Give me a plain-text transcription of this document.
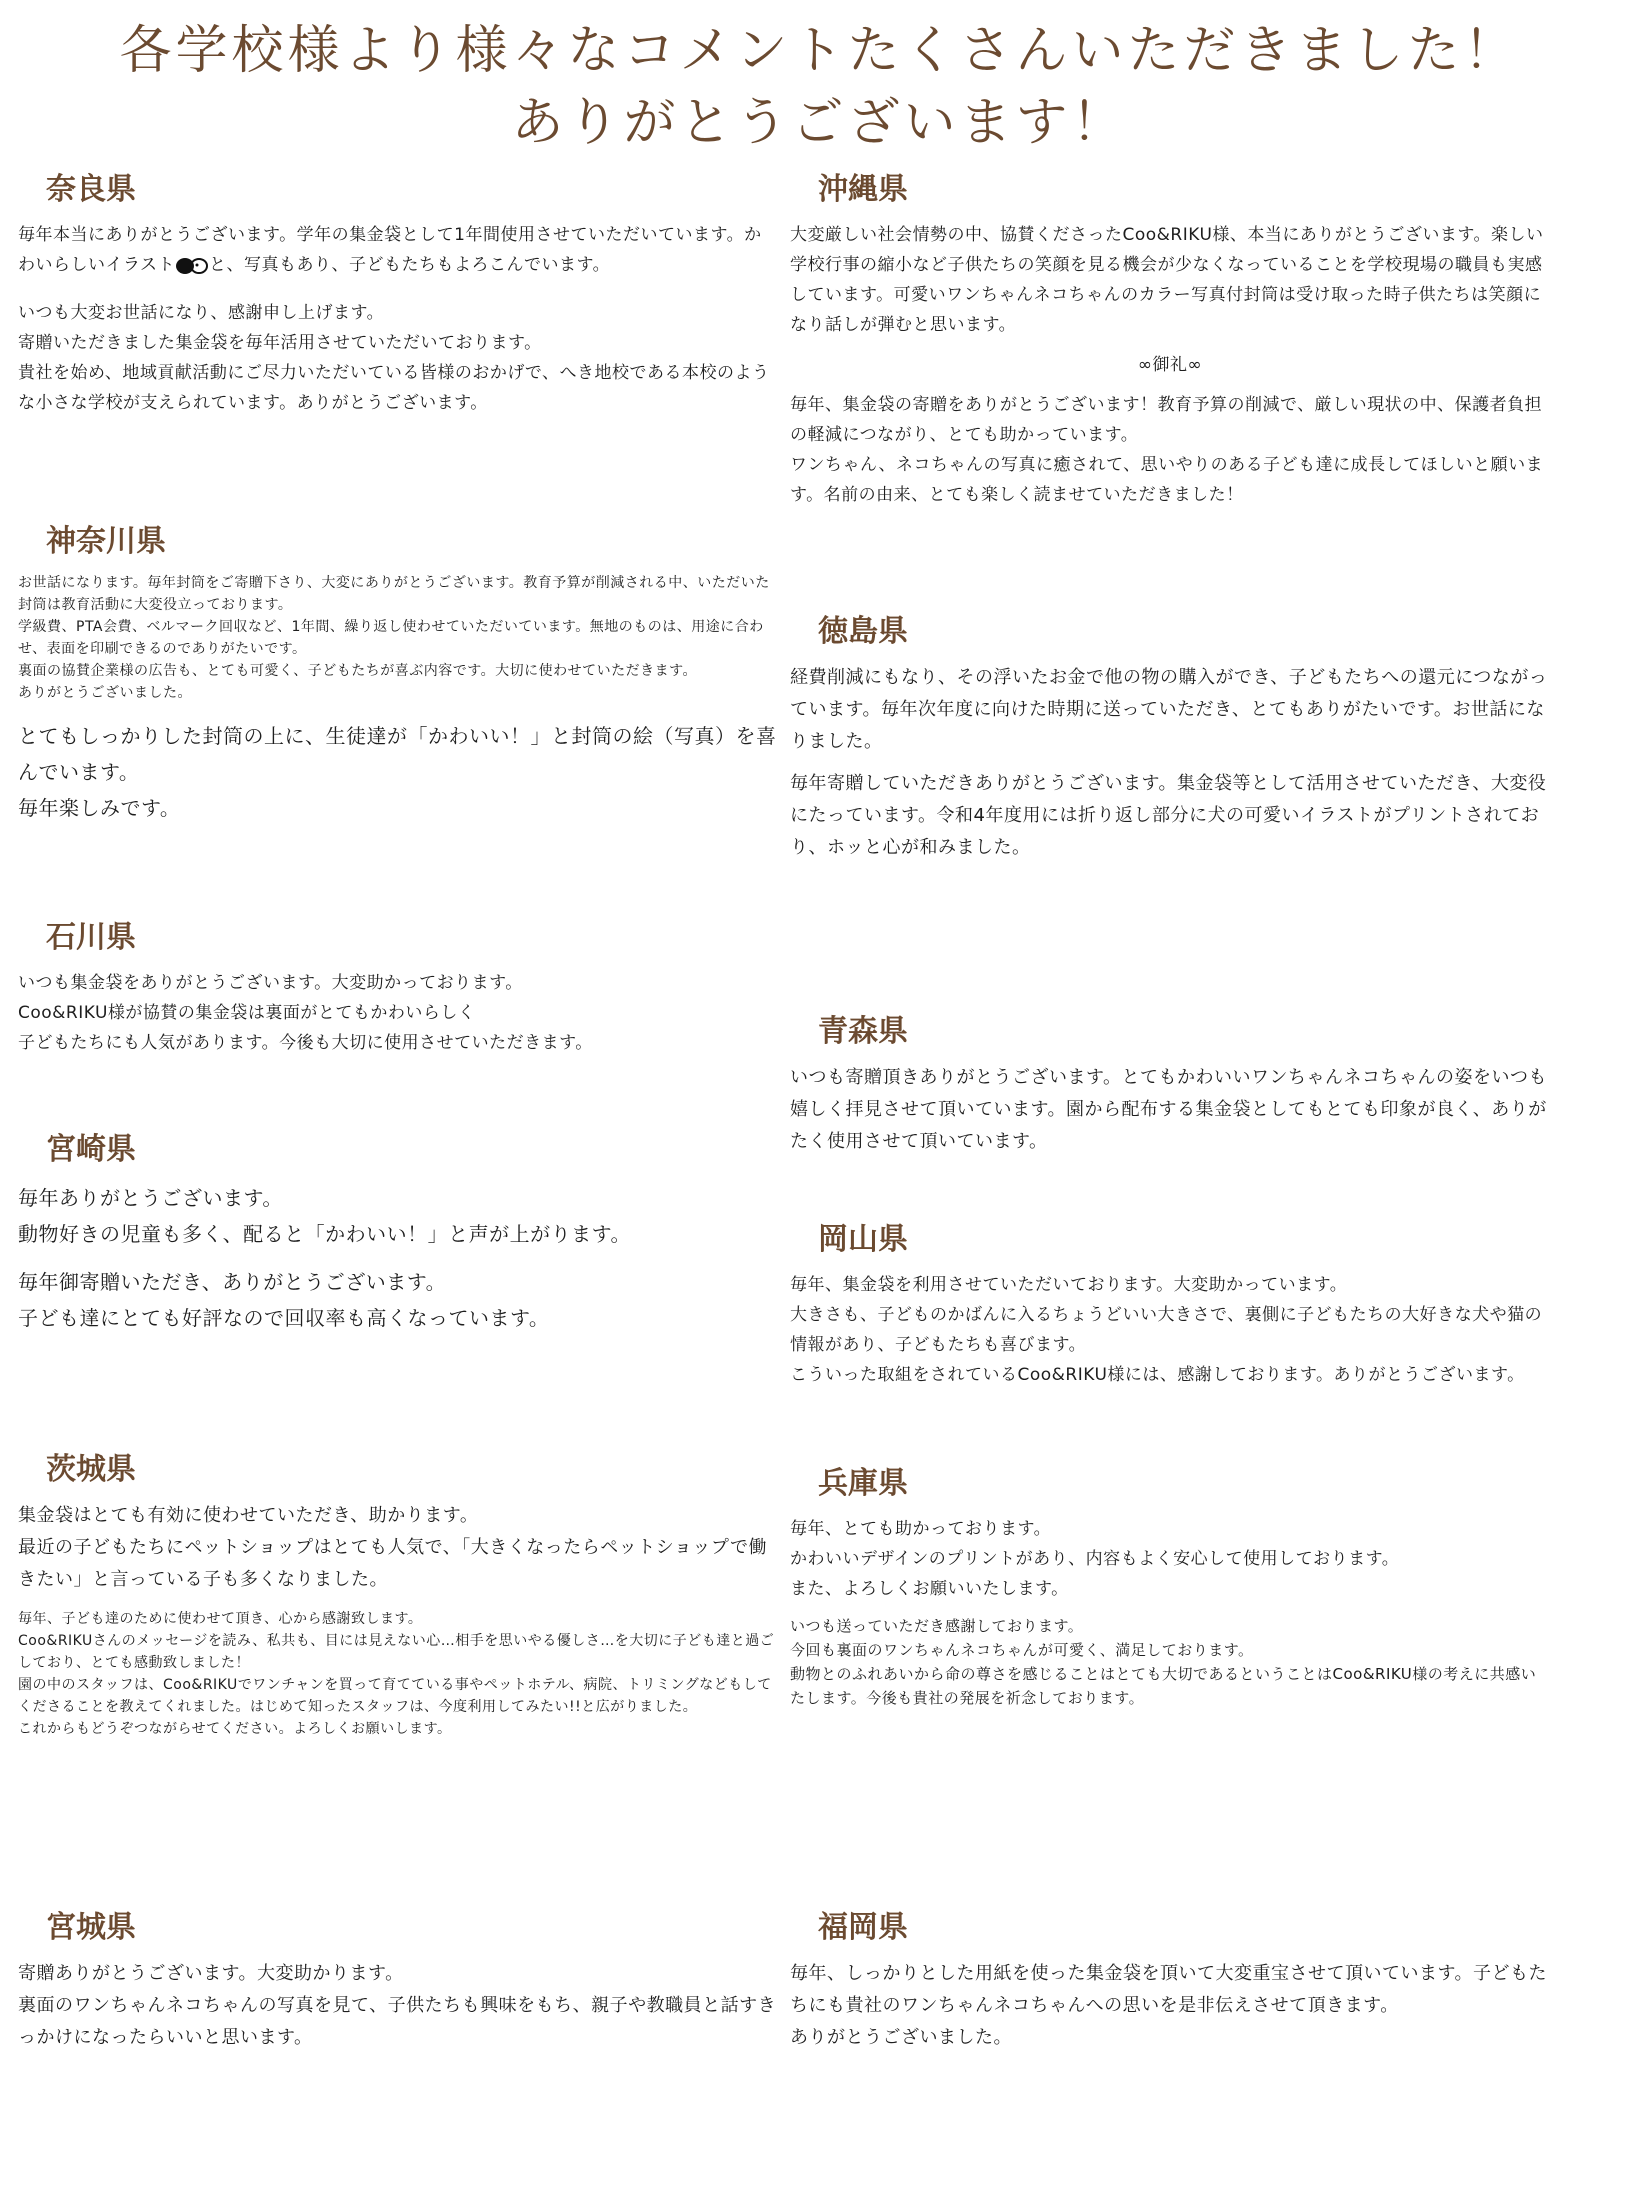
各学校様より様々なコメントたくさんいただきました！
ありがとうございます！
奈良県

毎年本当にありがとうございます。学年の集金袋として1年間使用させていただいています。かわいらしいイラスト と、写真もあり、子どもたちもよろこんでいます。

いつも大変お世話になり、感謝申し上げます。
寄贈いただきました集金袋を毎年活用させていただいております。
貴社を始め、地域貢献活動にご尽力いただいている皆様のおかげで、へき地校である本校のような小さな学校が支えられています。ありがとうございます。

神奈川県

お世話になります。毎年封筒をご寄贈下さり、大変にありがとうございます。教育予算が削減される中、いただいた封筒は教育活動に大変役立っております。
学級費、PTA会費、ベルマーク回収など、1年間、繰り返し使わせていただいています。無地のものは、用途に合わせ、表面を印刷できるのでありがたいです。
裏面の協賛企業様の広告も、とても可愛く、子どもたちが喜ぶ内容です。大切に使わせていただきます。
ありがとうございました。

とてもしっかりした封筒の上に、生徒達が「かわいい！」と封筒の絵（写真）を喜んでいます。
毎年楽しみです。

石川県

いつも集金袋をありがとうございます。大変助かっております。
Coo&RIKU様が協賛の集金袋は裏面がとてもかわいらしく
子どもたちにも人気があります。今後も大切に使用させていただきます。

宮崎県

毎年ありがとうございます。
動物好きの児童も多く、配ると「かわいい！」と声が上がります。

毎年御寄贈いただき、ありがとうございます。
子ども達にとても好評なので回収率も高くなっています。

茨城県

集金袋はとても有効に使わせていただき、助かります。
最近の子どもたちにペットショップはとても人気で、「大きくなったらペットショップで働きたい」と言っている子も多くなりました。

毎年、子ども達のために使わせて頂き、心から感謝致します。
Coo&RIKUさんのメッセージを読み、私共も、目には見えない心…相手を思いやる優しさ…を大切に子ども達と過ごしており、とても感動致しました！
園の中のスタッフは、Coo&RIKUでワンチャンを買って育てている事やペットホテル、病院、トリミングなどもしてくださることを教えてくれました。はじめて知ったスタッフは、今度利用してみたい!!と広がりました。
これからもどうぞつながらせてください。よろしくお願いします。

宮城県

寄贈ありがとうございます。大変助かります。
裏面のワンちゃんネコちゃんの写真を見て、子供たちも興味をもち、親子や教職員と話すきっかけになったらいいと思います。

沖縄県

大変厳しい社会情勢の中、協賛くださったCoo&RIKU様、本当にありがとうございます。楽しい学校行事の縮小など子供たちの笑顔を見る機会が少なくなっていることを学校現場の職員も実感しています。可愛いワンちゃんネコちゃんのカラー写真付封筒は受け取った時子供たちは笑顔になり話しが弾むと思います。

∞御礼∞

毎年、集金袋の寄贈をありがとうございます！教育予算の削減で、厳しい現状の中、保護者負担の軽減につながり、とても助かっています。
ワンちゃん、ネコちゃんの写真に癒されて、思いやりのある子ども達に成長してほしいと願います。名前の由来、とても楽しく読ませていただきました！

徳島県

経費削減にもなり、その浮いたお金で他の物の購入ができ、子どもたちへの還元につながっています。毎年次年度に向けた時期に送っていただき、とてもありがたいです。お世話になりました。

毎年寄贈していただきありがとうございます。集金袋等として活用させていただき、大変役にたっています。令和4年度用には折り返し部分に犬の可愛いイラストがプリントされており、ホッと心が和みました。

青森県

いつも寄贈頂きありがとうございます。とてもかわいいワンちゃんネコちゃんの姿をいつも嬉しく拝見させて頂いています。園から配布する集金袋としてもとても印象が良く、ありがたく使用させて頂いています。

岡山県

毎年、集金袋を利用させていただいております。大変助かっています。
大きさも、子どものかばんに入るちょうどいい大きさで、裏側に子どもたちの大好きな犬や猫の情報があり、子どもたちも喜びます。
こういった取組をされているCoo&RIKU様には、感謝しております。ありがとうございます。

兵庫県

毎年、とても助かっております。
かわいいデザインのプリントがあり、内容もよく安心して使用しております。
また、よろしくお願いいたします。

いつも送っていただき感謝しております。
今回も裏面のワンちゃんネコちゃんが可愛く、満足しております。
動物とのふれあいから命の尊さを感じることはとても大切であるということはCoo&RIKU様の考えに共感いたします。今後も貴社の発展を祈念しております。

福岡県

毎年、しっかりとした用紙を使った集金袋を頂いて大変重宝させて頂いています。子どもたちにも貴社のワンちゃんネコちゃんへの思いを是非伝えさせて頂きます。
ありがとうございました。
